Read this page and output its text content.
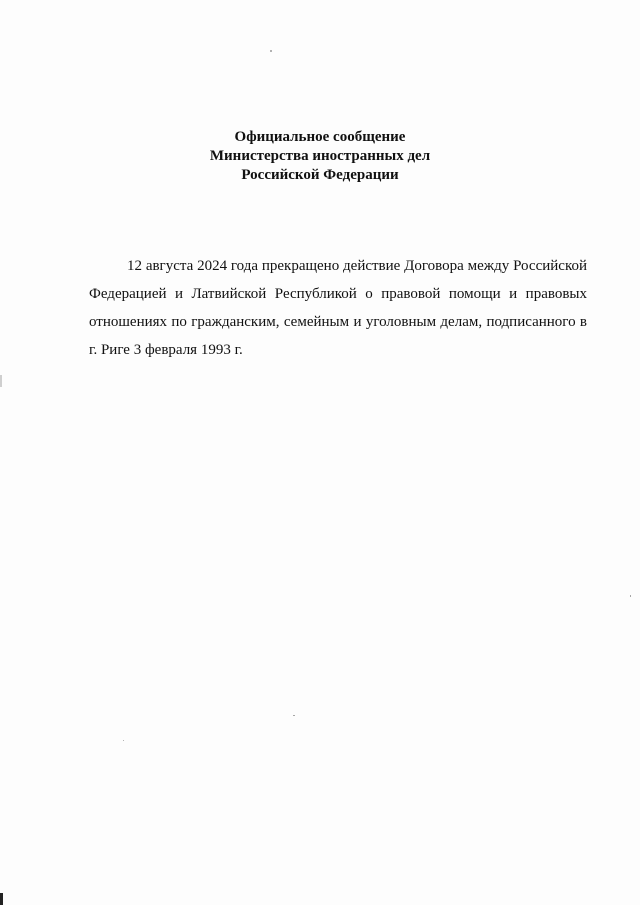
Официальное сообщение
Министерства иностранных дел
Российской Федерации

12 августа 2024 года прекращено действие Договора между Российской Федерацией и Латвийской Республикой о правовой помощи и правовых отношениях по гражданским, семейным и уголовным делам, подписанного в г. Риге 3 февраля 1993 г.
